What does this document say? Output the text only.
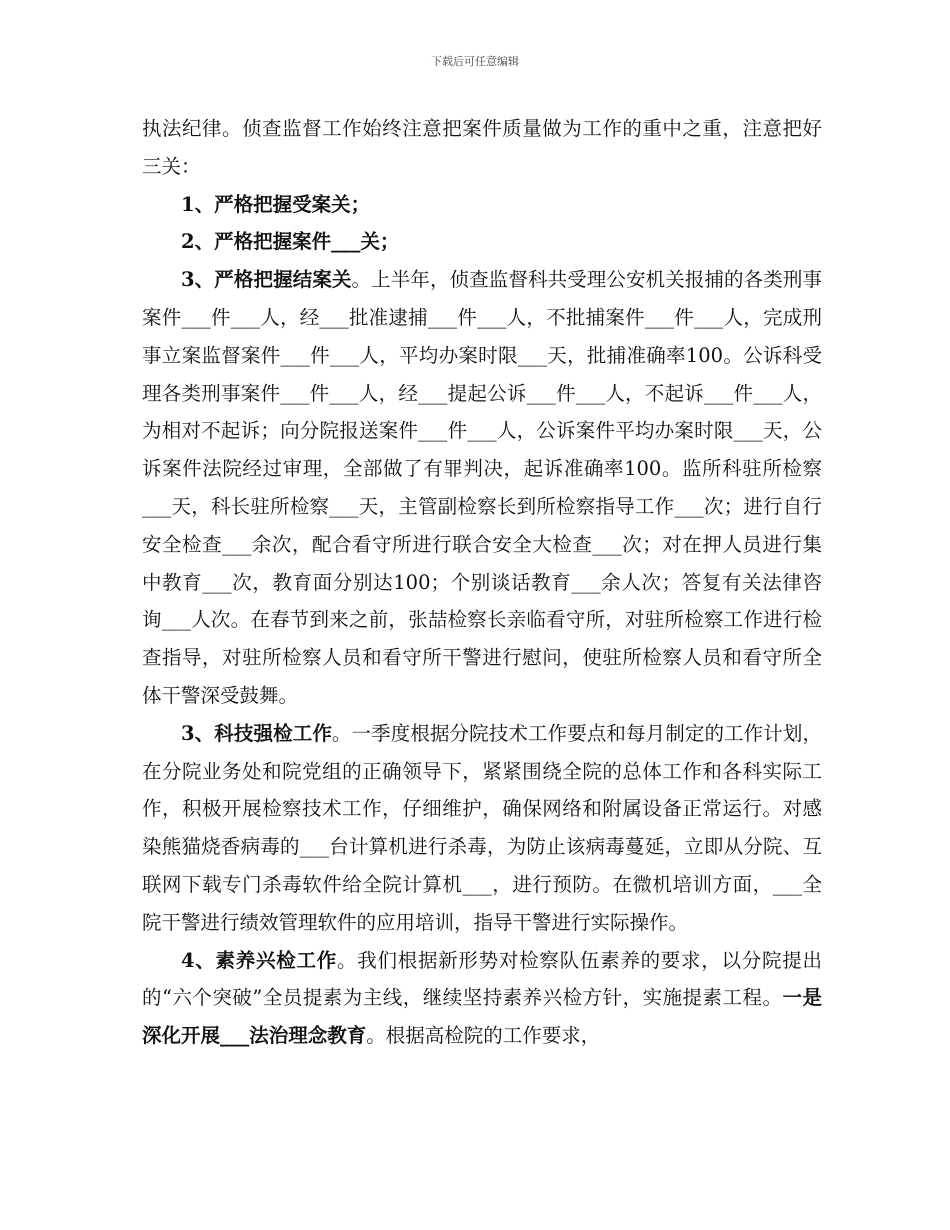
下载后可任意编辑

执法纪律。侦查监督工作始终注意把案件质量做为工作的重中之重，注意把好三关：

1、严格把握受案关；

2、严格把握案件___关；

3、严格把握结案关。上半年，侦查监督科共受理公安机关报捕的各类刑事案件___件___人，经___批准逮捕___件___人，不批捕案件___件___人，完成刑事立案监督案件___件___人，平均办案时限___天，批捕准确率100。公诉科受理各类刑事案件___件___人，经___提起公诉___件___人，不起诉___件___人，为相对不起诉；向分院报送案件___件___人，公诉案件平均办案时限___天，公诉案件法院经过审理，全部做了有罪判决，起诉准确率100。监所科驻所检察___天，科长驻所检察___天，主管副检察长到所检察指导工作___次；进行自行安全检查___余次，配合看守所进行联合安全大检查___次；对在押人员进行集中教育___次，教育面分别达100；个别谈话教育___余人次；答复有关法律咨询___人次。在春节到来之前，张喆检察长亲临看守所，对驻所检察工作进行检查指导，对驻所检察人员和看守所干警进行慰问，使驻所检察人员和看守所全体干警深受鼓舞。

3、科技强检工作。一季度根据分院技术工作要点和每月制定的工作计划，在分院业务处和院党组的正确领导下，紧紧围绕全院的总体工作和各科实际工作，积极开展检察技术工作，仔细维护，确保网络和附属设备正常运行。对感染熊猫烧香病毒的___台计算机进行杀毒，为防止该病毒蔓延，立即从分院、互联网下载专门杀毒软件给全院计算机___，进行预防。在微机培训方面，___全院干警进行绩效管理软件的应用培训，指导干警进行实际操作。

4、素养兴检工作。我们根据新形势对检察队伍素养的要求，以分院提出的“六个突破”全员提素为主线，继续坚持素养兴检方针，实施提素工程。一是深化开展___法治理念教育。根据高检院的工作要求，
